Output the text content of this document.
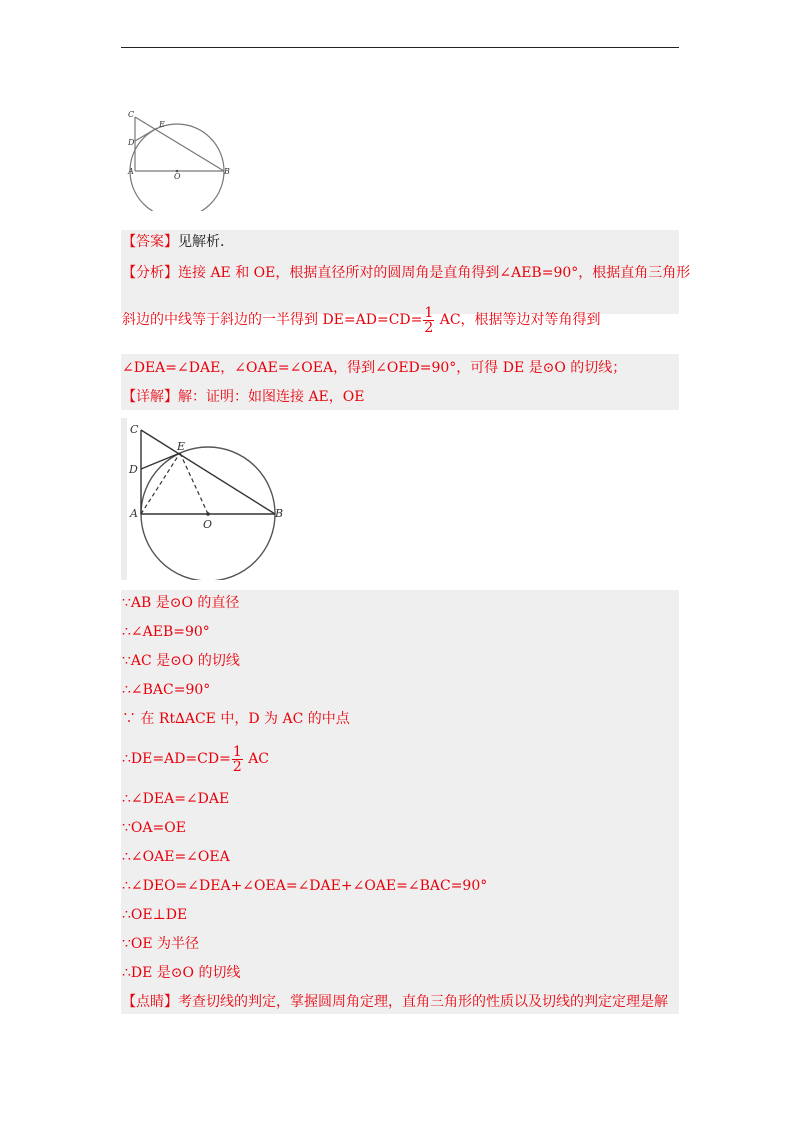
C
E
D
A
O
B
【答案】见解析.
【分析】连接 AE 和 OE，根据直径所对的圆周角是直角得到∠AEB=90°，根据直角三角形
斜边的中线等于斜边的一半得到 $DE=AD=CD= \frac{1}{2}$ AC，根据等边对等角得到
∠DEA=∠DAE，∠OAE=∠OEA，得到∠OED=90°，可得 DE 是⊙O 的切线；
【详解】解：证明：如图连接 AE，OE
C
E
D
A
O
B
∵AB 是⊙O 的直径
∴∠AEB=90°
∵AC 是⊙O 的切线
∴∠BAC=90°
∵ 在 Rt∆ACE 中，D 为 AC 的中点
∴DE=AD=CD= $\frac{1}{2}$ AC
∴∠DEA=∠DAE
∵OA=OE
∴∠OAE=∠OEA
∴∠DEO=∠DEA+∠OEA=∠DAE+∠OAE=∠BAC=90°
∴OE⊥DE
∵OE 为半径
∴DE 是⊙O 的切线
【点睛】考查切线的判定，掌握圆周角定理，直角三角形的性质以及切线的判定定理是解
